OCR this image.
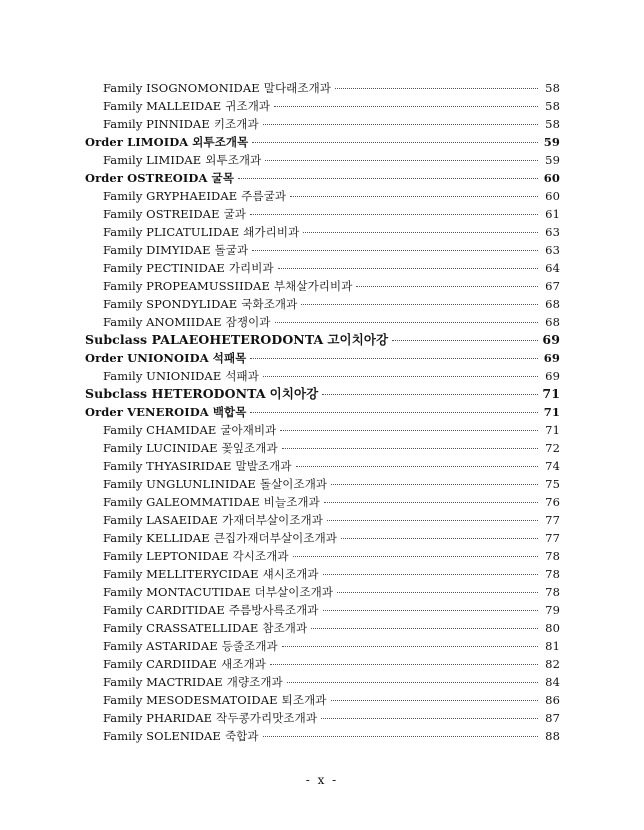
Family ISOGNOMONIDAE 말다래조개과	58
Family MALLEIDAE 귀조개과	58
Family PINNIDAE 키조개과	58
Order LIMOIDA 외투조개목	59
Family LIMIDAE 외투조개과	59
Order OSTREOIDA 굴목	60
Family GRYPHAEIDAE 주름굴과	60
Family OSTREIDAE 굴과	61
Family PLICATULIDAE 쇄가리비과	63
Family DIMYIDAE 돌굴과	63
Family PECTINIDAE 가리비과	64
Family PROPEAMUSSIIDAE 부채살가리비과	67
Family SPONDYLIDAE 국화조개과	68
Family ANOMIIDAE 잠쟁이과	68
Subclass PALAEOHETERODONTA 고이치아강	69
Order UNIONOIDA 석패목	69
Family UNIONIDAE 석패과	69
Subclass HETERODONTA 이치아강	71
Order VENEROIDA 백합목	71
Family CHAMIDAE 굴아재비과	71
Family LUCINIDAE 꽃잎조개과	72
Family THYASIRIDAE 말발조개과	74
Family UNGLUNLINIDAE 돌살이조개과	75
Family GALEOMMATIDAE 비늘조개과	76
Family LASAEIDAE 가재더부살이조개과	77
Family KELLIDAE 큰집가재더부살이조개과	77
Family LEPTONIDAE 각시조개과	78
Family MELLITERYCIDAE 섀시조개과	78
Family MONTACUTIDAE 더부살이조개과	78
Family CARDITIDAE 주름방사륵조개과	79
Family CRASSATELLIDAE 참조개과	80
Family ASTARIDAE 등줄조개과	81
Family CARDIIDAE 새조개과	82
Family MACTRIDAE 개량조개과	84
Family MESODESMATOIDAE 퇴조개과	86
Family PHARIDAE 작두콩가리맛조개과	87
Family SOLENIDAE 죽합과	88
- x -
